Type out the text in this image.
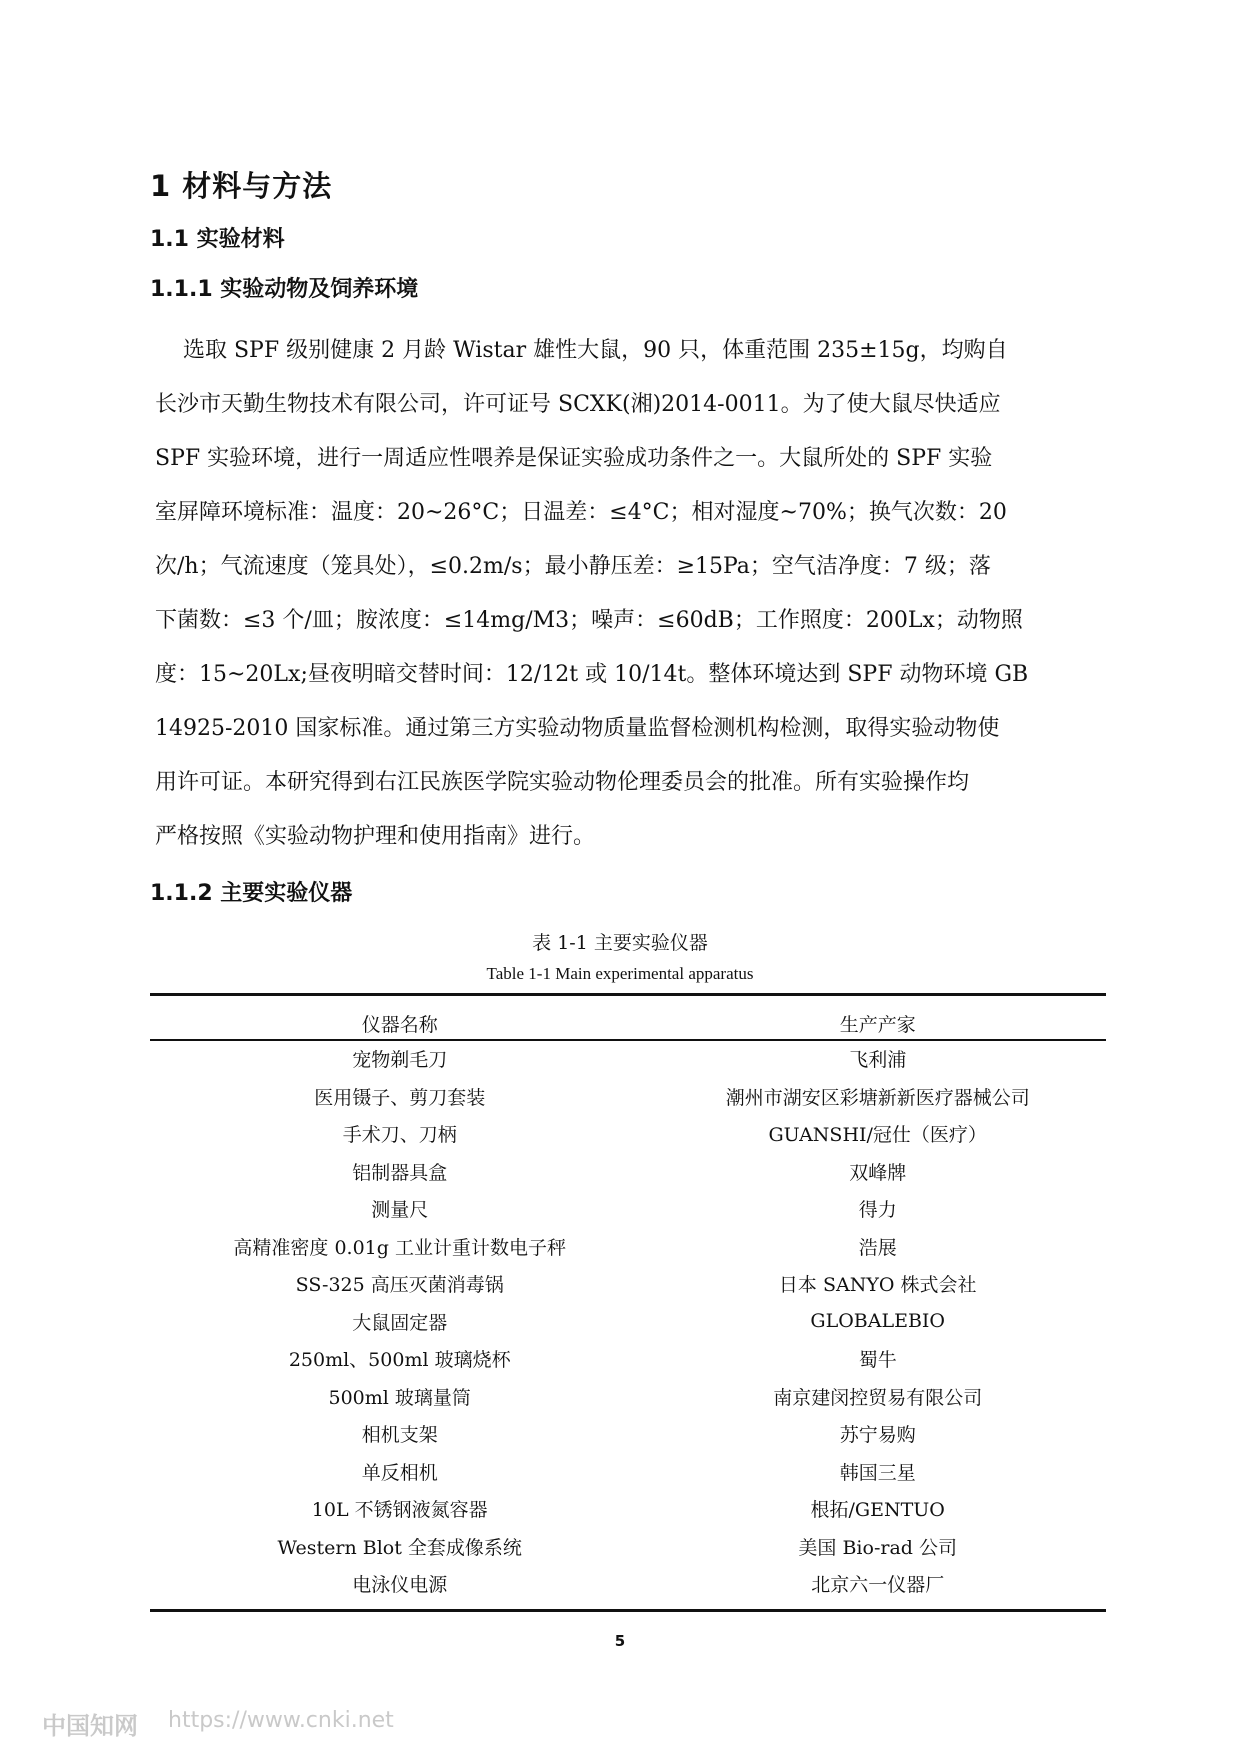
1 材料与方法
1.1 实验材料
1.1.1 实验动物及饲养环境
选取 SPF 级别健康 2 月龄 Wistar 雄性大鼠，90 只，体重范围 235±15g，均购自
长沙市天勤生物技术有限公司，许可证号 SCXK(湘)2014-0011。为了使大鼠尽快适应
SPF 实验环境，进行一周适应性喂养是保证实验成功条件之一。大鼠所处的 SPF 实验
室屏障环境标准：温度：20~26°C；日温差：≤4°C；相对湿度~70%；换气次数：20
次/h；气流速度（笼具处），≤0.2m/s；最小静压差：≥15Pa；空气洁净度：7 级；落
下菌数：≤3 个/皿；胺浓度：≤14mg/M3；噪声：≤60dB；工作照度：200Lx；动物照
度：15~20Lx;昼夜明暗交替时间：12/12t 或 10/14t。整体环境达到 SPF 动物环境 GB
14925-2010 国家标准。通过第三方实验动物质量监督检测机构检测，取得实验动物使
用许可证。本研究得到右江民族医学院实验动物伦理委员会的批准。所有实验操作均
严格按照《实验动物护理和使用指南》进行。
1.1.2 主要实验仪器
表 1-1 主要实验仪器
Table 1-1 Main experimental apparatus
仪器名称	生产产家
宠物剃毛刀	飞利浦
医用镊子、剪刀套装	潮州市湖安区彩塘新新医疗器械公司
手术刀、刀柄	GUANSHI/冠仕（医疗）
铝制器具盒	双峰牌
测量尺	得力
高精准密度 0.01g 工业计重计数电子秤	浩展
SS-325 高压灭菌消毒锅	日本 SANYO 株式会社
大鼠固定器	GLOBALEBIO
250ml、500ml 玻璃烧杯	蜀牛
500ml 玻璃量筒	南京建闵控贸易有限公司
相机支架	苏宁易购
单反相机	韩国三星
10L 不锈钢液氮容器	根拓/GENTUO
Western Blot 全套成像系统	美国 Bio-rad 公司
电泳仪电源	北京六一仪器厂
5
中国知网 https://www.cnki.net
